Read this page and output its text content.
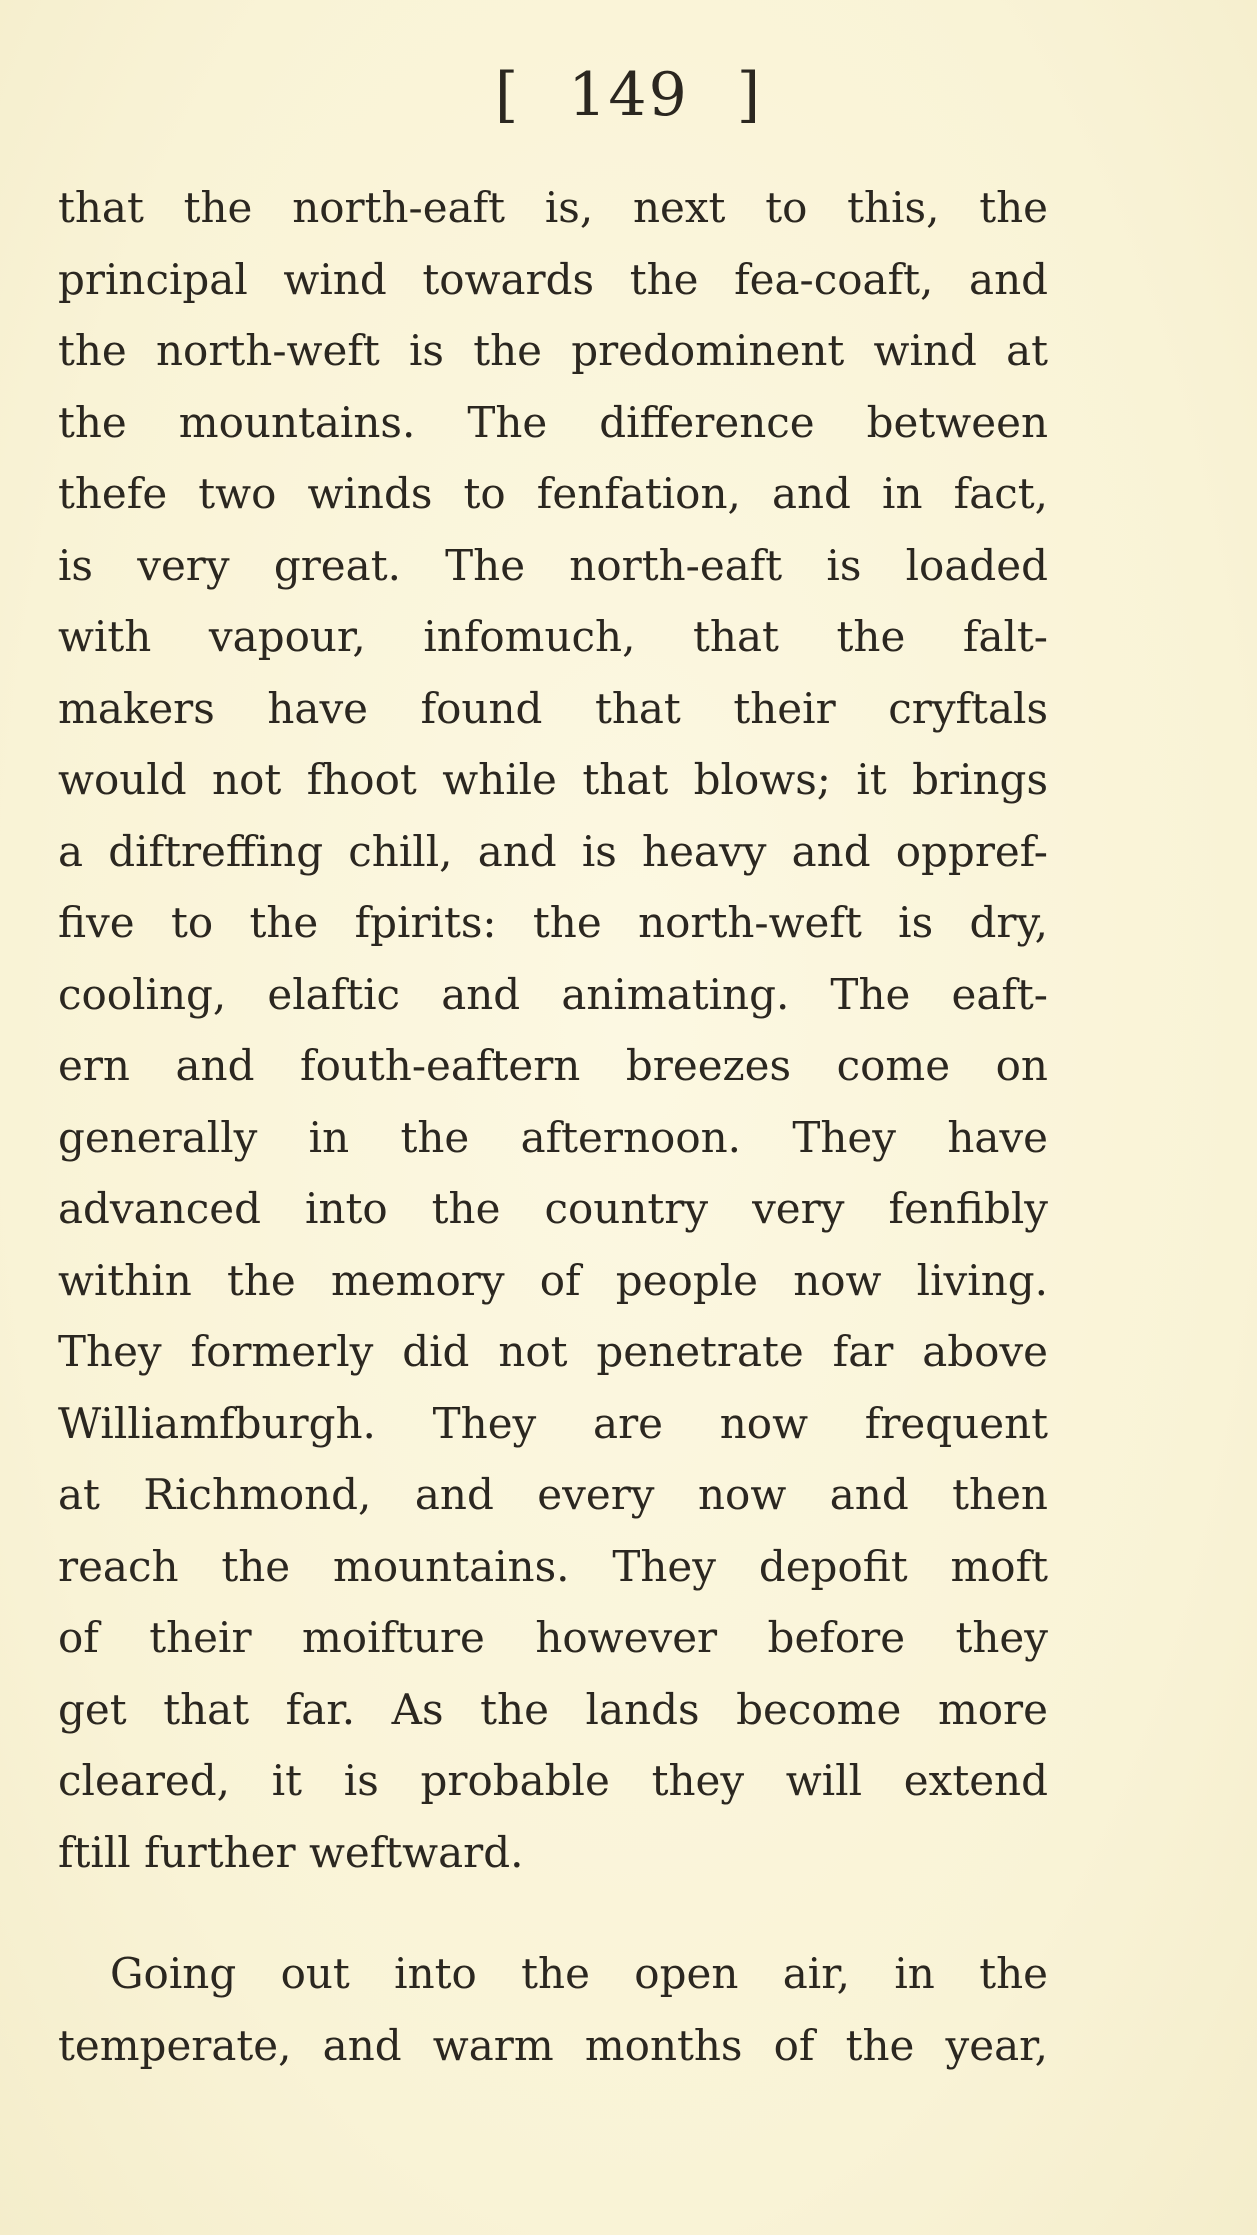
[ 149 ]
that the north-eaft is, next to this, the
principal wind towards the fea-coaft, and
the north-weft is the predominent wind at
the mountains. The difference between
thefe two winds to fenfation, and in fact,
is very great. The north-eaft is loaded
with vapour, infomuch, that the falt-
makers have found that their cryftals
would not fhoot while that blows; it brings
a diftreffing chill, and is heavy and oppref-
five to the fpirits: the north-weft is dry,
cooling, elaftic and animating. The eaft-
ern and fouth-eaftern breezes come on
generally in the afternoon. They have
advanced into the country very fenfibly
within the memory of people now living.
They formerly did not penetrate far above
Williamfburgh. They are now frequent
at Richmond, and every now and then
reach the mountains. They depofit moft
of their moifture however before they
get that far. As the lands become more
cleared, it is probable they will extend
ftill further weftward.
Going out into the open air, in the
temperate, and warm months of the year,
